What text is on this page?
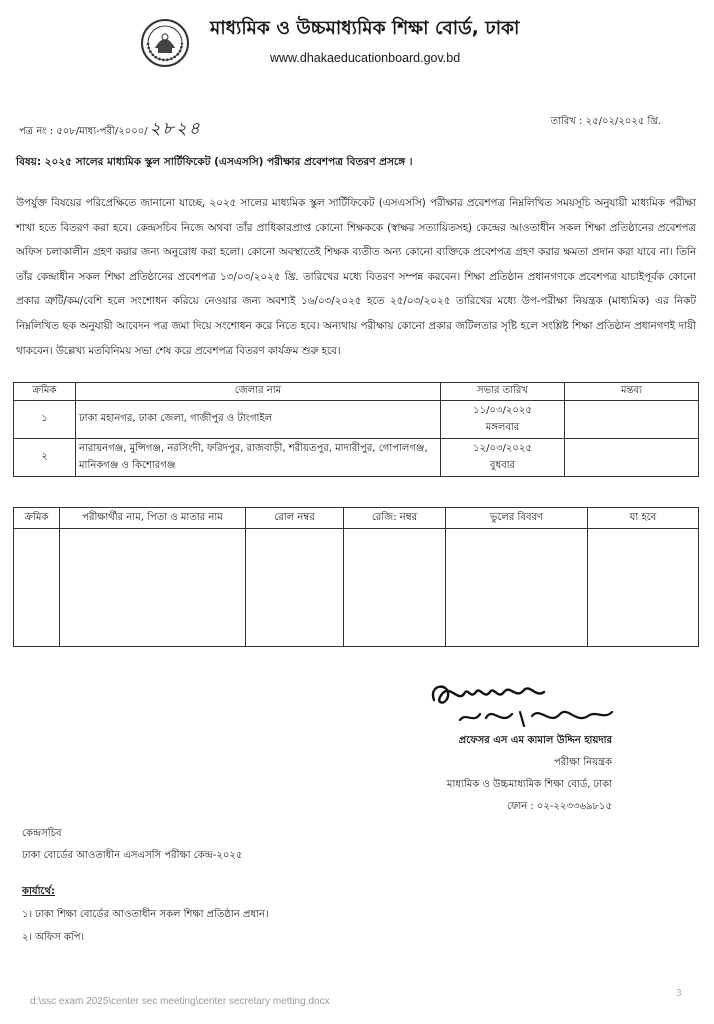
মাধ্যমিক ও উচ্চমাধ্যমিক শিক্ষা বোর্ড, ঢাকা
www.dhakaeducationboard.gov.bd
পত্র নং : ৫০৮/মাধ্য-পরী/২০০০/ ২৮২৪	তারিখ : ২৫/০২/২০২৫ খ্রি.
বিষয়: ২০২৫ সালের মাধ্যমিক স্কুল সার্টিফিকেট (এসএসসি) পরীক্ষার প্রবেশপত্র বিতরণ প্রসঙ্গে ।
উপর্যুক্ত বিষয়ের পরিপ্রেক্ষিতে জানানো যাচ্ছে, ২০২৫ সালের মাধ্যমিক স্কুল সার্টিফিকেট (এসএসসি) পরীক্ষার প্রবেশপত্র নিম্নলিখিত সময়সূচি অনুযায়ী মাধ্যমিক পরীক্ষা শাখা হতে বিতরণ করা হবে। কেন্দ্রসচিব নিজে অথবা তাঁর প্রাধিকারপ্রাপ্ত কোনো শিক্ষককে (স্বাক্ষর সত্যায়িতসহ) কেন্দ্রের আওতাধীন সকল শিক্ষা প্রতিষ্ঠানের প্রবেশপত্র অফিস চলাকালীন গ্রহণ করার জন্য অনুরোধ করা হলো। কোনো অবস্থাতেই শিক্ষক ব্যতীত অন্য কোনো ব্যক্তিকে প্রবেশপত্র গ্রহণ করার ক্ষমতা প্রদান করা যাবে না। তিনি তাঁর কেন্দ্রাধীন সকল শিক্ষা প্রতিষ্ঠানের প্রবেশপত্র ১৩/০৩/২০২৫ খ্রি. তারিখের মধ্যে বিতরণ সম্পন্ন করবেন। শিক্ষা প্রতিষ্ঠান প্রধানগণকে প্রবেশপত্র যাচাইপূর্বক কোনো প্রকার ত্রুটি/কম/বেশি হলে সংশোধন করিয়ে নেওয়ার জন্য অবশ্যই ১৬/০৩/২০২৫ হতে ২৫/০৩/২০২৫ তারিখের মধ্যে উপ-পরীক্ষা নিয়ন্ত্রক (মাধ্যমিক) এর নিকট নিম্নলিখিত ছক অনুযায়ী আবেদন পত্র জমা দিয়ে সংশোধন করে নিতে হবে। অন্যথায় পরীক্ষায় কোনো প্রকার জটিলতার সৃষ্টি হলে সংশ্লিষ্ট শিক্ষা প্রতিষ্ঠান প্রধানগণই দায়ী থাকবেন। উল্লেখ্য মতবিনিময় সভা শেষ করে প্রবেশপত্র বিতরণ কার্যক্রম শুরু হবে।
ক্রমিক	জেলার নাম	সভার তারিখ	মন্তব্য
১	ঢাকা মহানগর, ঢাকা জেলা, গাজীপুর ও টাংগাইল	১১/০৩/২০২৫
মঙ্গলবার	

২	নারায়নগঞ্জ, মুন্সিগঞ্জ, নরসিংদী, ফরিদপুর, রাজবাড়ী, শরীয়তপুর, মাদারীপুর, গোপালগঞ্জ, মানিকগঞ্জ ও কিশোরগঞ্জ	১২/০৩/২০২৫
বুধবার	

ক্রমিক	পরীক্ষার্থীর নাম, পিতা ও মাতার নাম	রোল নম্বর	রেজি: নম্বর	ভুলের বিবরণ	যা হবে

২৫/০২/২০২৫
প্রফেসর এস এম কামাল উদ্দিন হায়দার
পরীক্ষা নিয়ন্ত্রক
মাধ্যমিক ও উচ্চমাধ্যমিক শিক্ষা বোর্ড, ঢাকা
ফোন : ০২-২২৩৩৬৯৮১৫
কেন্দ্রসচিব
ঢাকা বোর্ডের আওতাধীন এসএসসি পরীক্ষা কেন্দ্র-২০২৫
কার্যার্থে:
১। ঢাকা শিক্ষা বোর্ডের আওতাধীন সকল শিক্ষা প্রতিষ্ঠান প্রধান।
২। অফিস কপি।
d:\ssc exam 2025\center sec meeting\center secretary metting.docx
3
